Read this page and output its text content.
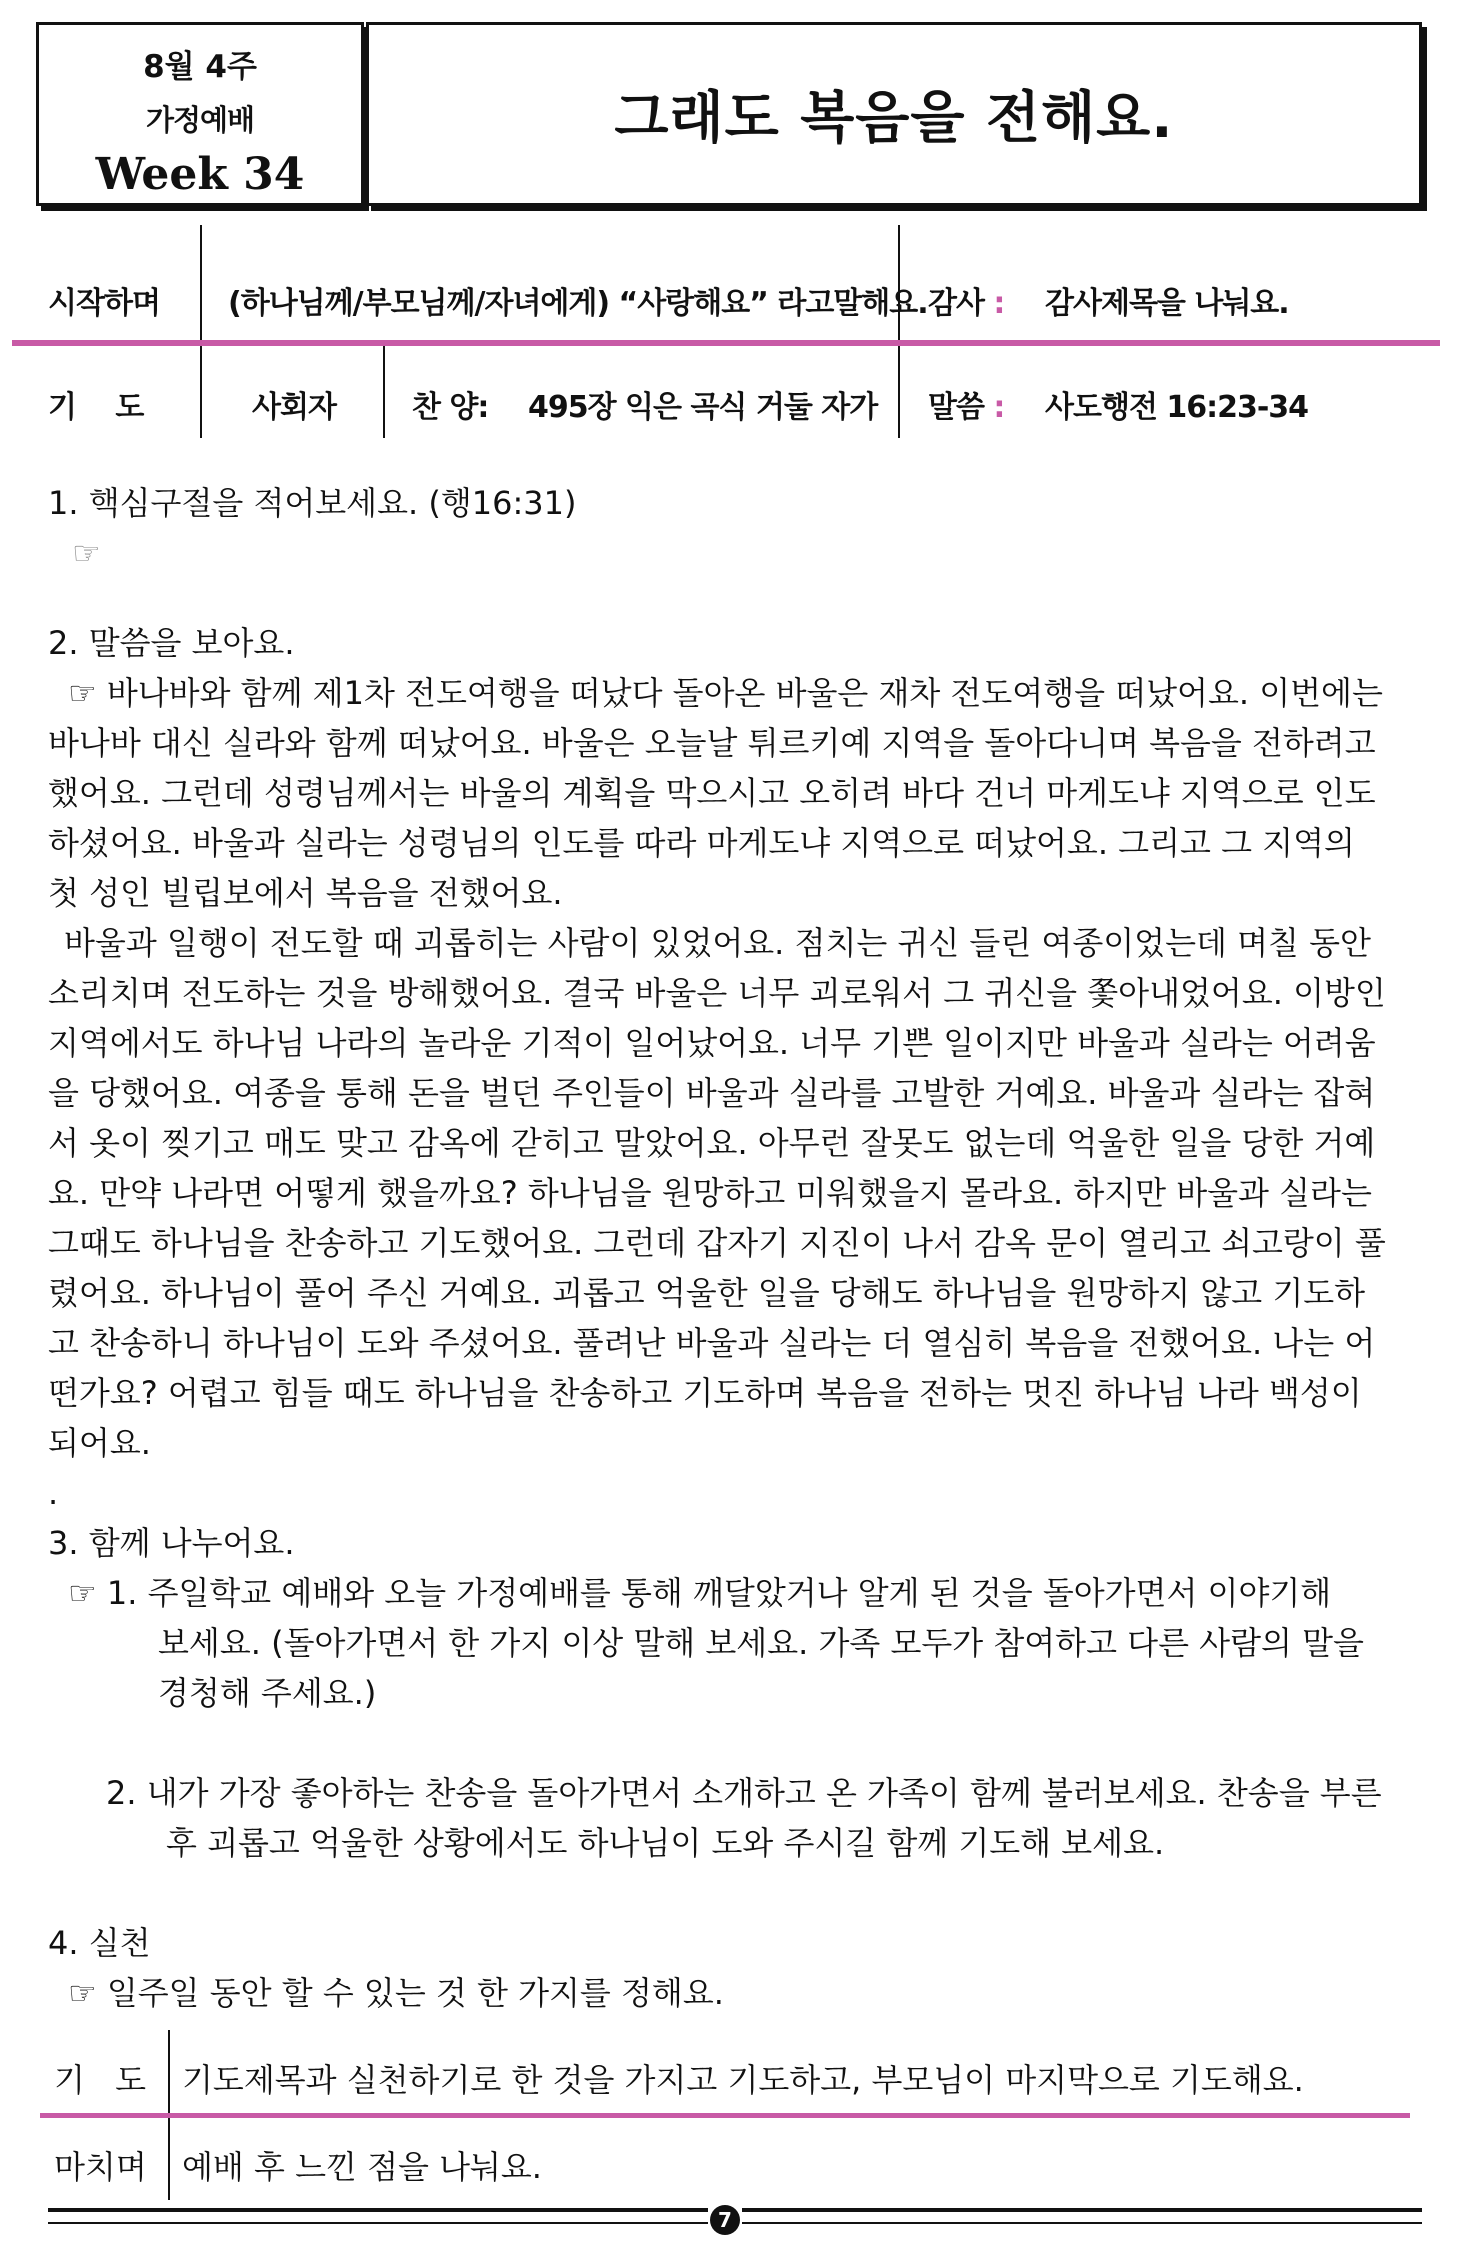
8월 4주
가정예배
Week 34
그래도 복음을 전해요.
시작하며 (하나님께/부모님께/자녀에게) “사랑해요” 라고말해요. 감사 : 감사제목을 나눠요.
기 도	사회자	찬 양: 495장 익은 곡식 거둘 자가 말씀 : 사도행전 16:23-34
1. 핵심구절을 적어보세요. (행16:31)
☞
2. 말씀을 보아요.
☞ 바나바와 함께 제1차 전도여행을 떠났다 돌아온 바울은 재차 전도여행을 떠났어요. 이번에는
바나바 대신 실라와 함께 떠났어요. 바울은 오늘날 튀르키예 지역을 돌아다니며 복음을 전하려고
했어요. 그런데 성령님께서는 바울의 계획을 막으시고 오히려 바다 건너 마게도냐 지역으로 인도
하셨어요. 바울과 실라는 성령님의 인도를 따라 마게도냐 지역으로 떠났어요. 그리고 그 지역의
첫 성인 빌립보에서 복음을 전했어요.
바울과 일행이 전도할 때 괴롭히는 사람이 있었어요. 점치는 귀신 들린 여종이었는데 며칠 동안
소리치며 전도하는 것을 방해했어요. 결국 바울은 너무 괴로워서 그 귀신을 쫓아내었어요. 이방인
지역에서도 하나님 나라의 놀라운 기적이 일어났어요. 너무 기쁜 일이지만 바울과 실라는 어려움
을 당했어요. 여종을 통해 돈을 벌던 주인들이 바울과 실라를 고발한 거예요. 바울과 실라는 잡혀
서 옷이 찢기고 매도 맞고 감옥에 갇히고 말았어요. 아무런 잘못도 없는데 억울한 일을 당한 거예
요. 만약 나라면 어떻게 했을까요? 하나님을 원망하고 미워했을지 몰라요. 하지만 바울과 실라는
그때도 하나님을 찬송하고 기도했어요. 그런데 갑자기 지진이 나서 감옥 문이 열리고 쇠고랑이 풀
렸어요. 하나님이 풀어 주신 거예요. 괴롭고 억울한 일을 당해도 하나님을 원망하지 않고 기도하
고 찬송하니 하나님이 도와 주셨어요. 풀려난 바울과 실라는 더 열심히 복음을 전했어요. 나는 어
떤가요? 어렵고 힘들 때도 하나님을 찬송하고 기도하며 복음을 전하는 멋진 하나님 나라 백성이
되어요.
.
3. 함께 나누어요.
☞ 1. 주일학교 예배와 오늘 가정예배를 통해 깨달았거나 알게 된 것을 돌아가면서 이야기해
보세요. (돌아가면서 한 가지 이상 말해 보세요. 가족 모두가 참여하고 다른 사람의 말을
경청해 주세요.)
2. 내가 가장 좋아하는 찬송을 돌아가면서 소개하고 온 가족이 함께 불러보세요. 찬송을 부른
후 괴롭고 억울한 상황에서도 하나님이 도와 주시길 함께 기도해 보세요.
4. 실천
☞ 일주일 동안 할 수 있는 것 한 가지를 정해요.
기 도 기도제목과 실천하기로 한 것을 가지고 기도하고, 부모님이 마지막으로 기도해요.
마치며 예배 후 느낀 점을 나눠요.
7
